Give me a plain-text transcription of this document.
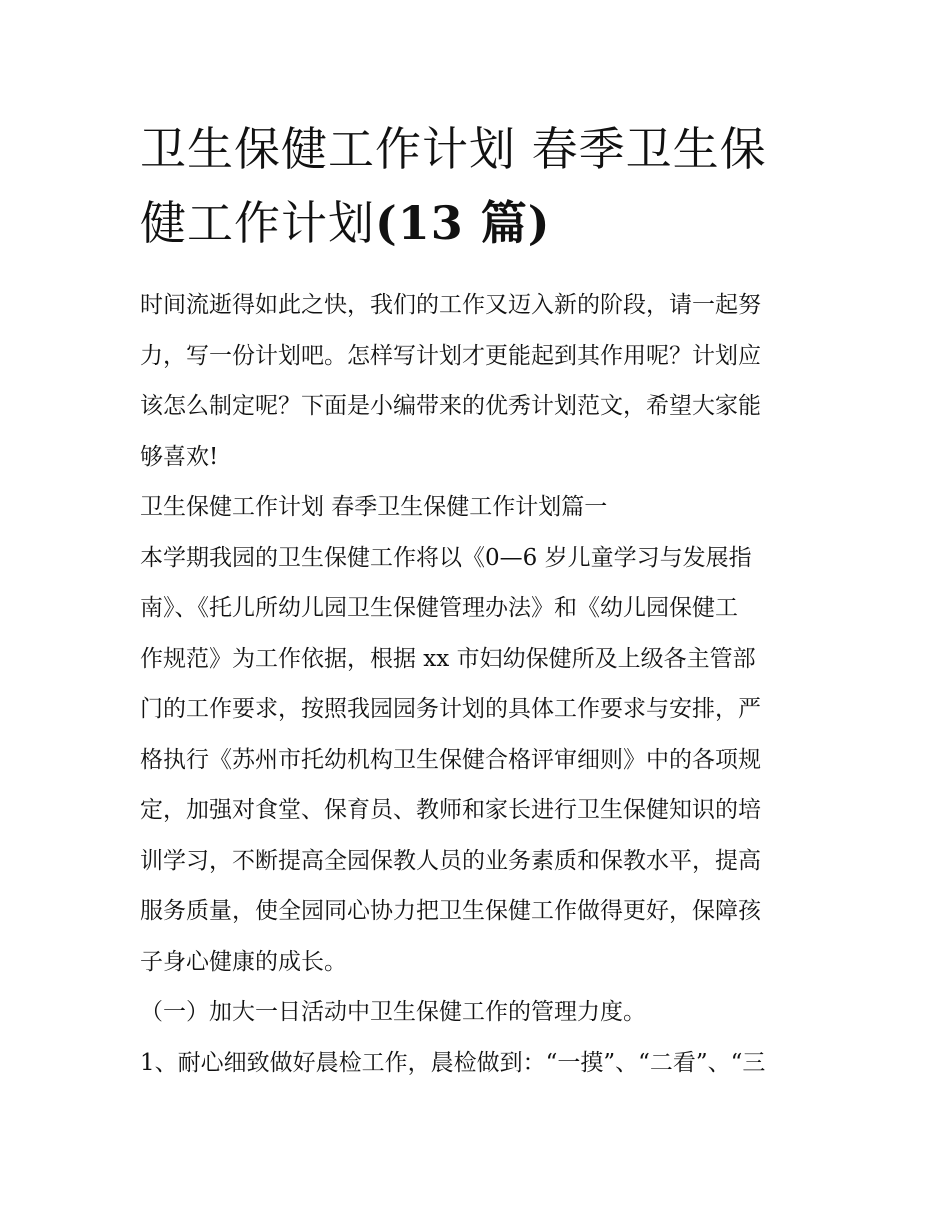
卫生保健工作计划 春季卫生保
健工作计划(13 篇)
时间流逝得如此之快，我们的工作又迈入新的阶段，请一起努
力，写一份计划吧。怎样写计划才更能起到其作用呢？计划应
该怎么制定呢？下面是小编带来的优秀计划范文，希望大家能
够喜欢!
卫生保健工作计划 春季卫生保健工作计划篇一
本学期我园的卫生保健工作将以《0—6 岁儿童学习与发展指
南》、《托儿所幼儿园卫生保健管理办法》和《幼儿园保健工
作规范》为工作依据，根据 xx 市妇幼保健所及上级各主管部
门的工作要求，按照我园园务计划的具体工作要求与安排，严
格执行《苏州市托幼机构卫生保健合格评审细则》中的各项规
定，加强对食堂、保育员、教师和家长进行卫生保健知识的培
训学习，不断提高全园保教人员的业务素质和保教水平，提高
服务质量，使全园同心协力把卫生保健工作做得更好，保障孩
子身心健康的成长。
（一）加大一日活动中卫生保健工作的管理力度。
1、耐心细致做好晨检工作，晨检做到：“一摸”、“二看”、“三
